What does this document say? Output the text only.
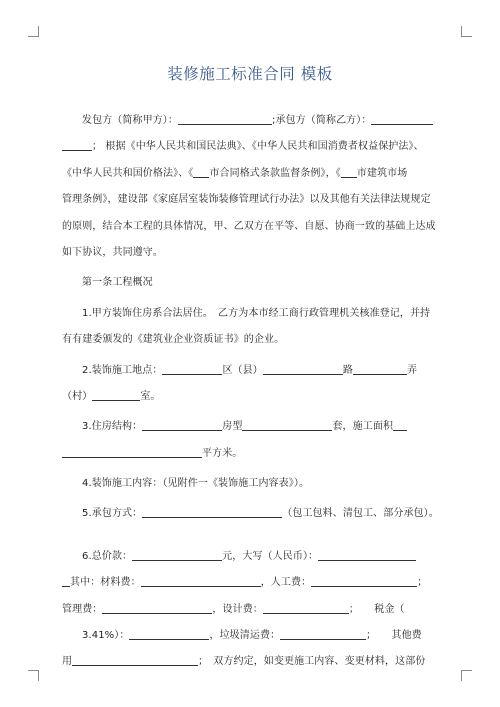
装修施工标准合同 模板
发包方（简称甲方）：	;承包方（简称乙方）：
； 根据《中华人民共和国民法典》、《中华人民共和国消费者权益保护法》、
《中华人民共和国价格法》、《 市合同格式条款监督条例》，《 市建筑市场
管理条例》，建设部《家庭居室装饰装修管理试行办法》以及其他有关法律法规规定
的原则，结合本工程的具体情况，甲、乙双方在平等、自愿、协商一致的基础上达成
如下协议，共同遵守。
第一条工程概况
1.甲方装饰住房系合法居住。　乙方为本市经工商行政管理机关核准登记，并持
有有建委颁发的《建筑业企业资质证书》的企业。
2.装饰施工地点：	区（县）	路	弄
（村）	室。
3.住房结构：	房型	套，施工面积
平方米。
4.装饰施工内容：（见附件一《装饰施工内容表》）。
5.承包方式：	（包工包料、清包工、部分承包）。
6.总价款：	元，大写（人民币）：
其中：材料费：	，人工费：	；
管理费：	，设计费：	；　　 税金（
3.41%）：	，垃圾清运费：	；　　 其他费
用	；　双方约定，如变更施工内容、变更材料，这部份
